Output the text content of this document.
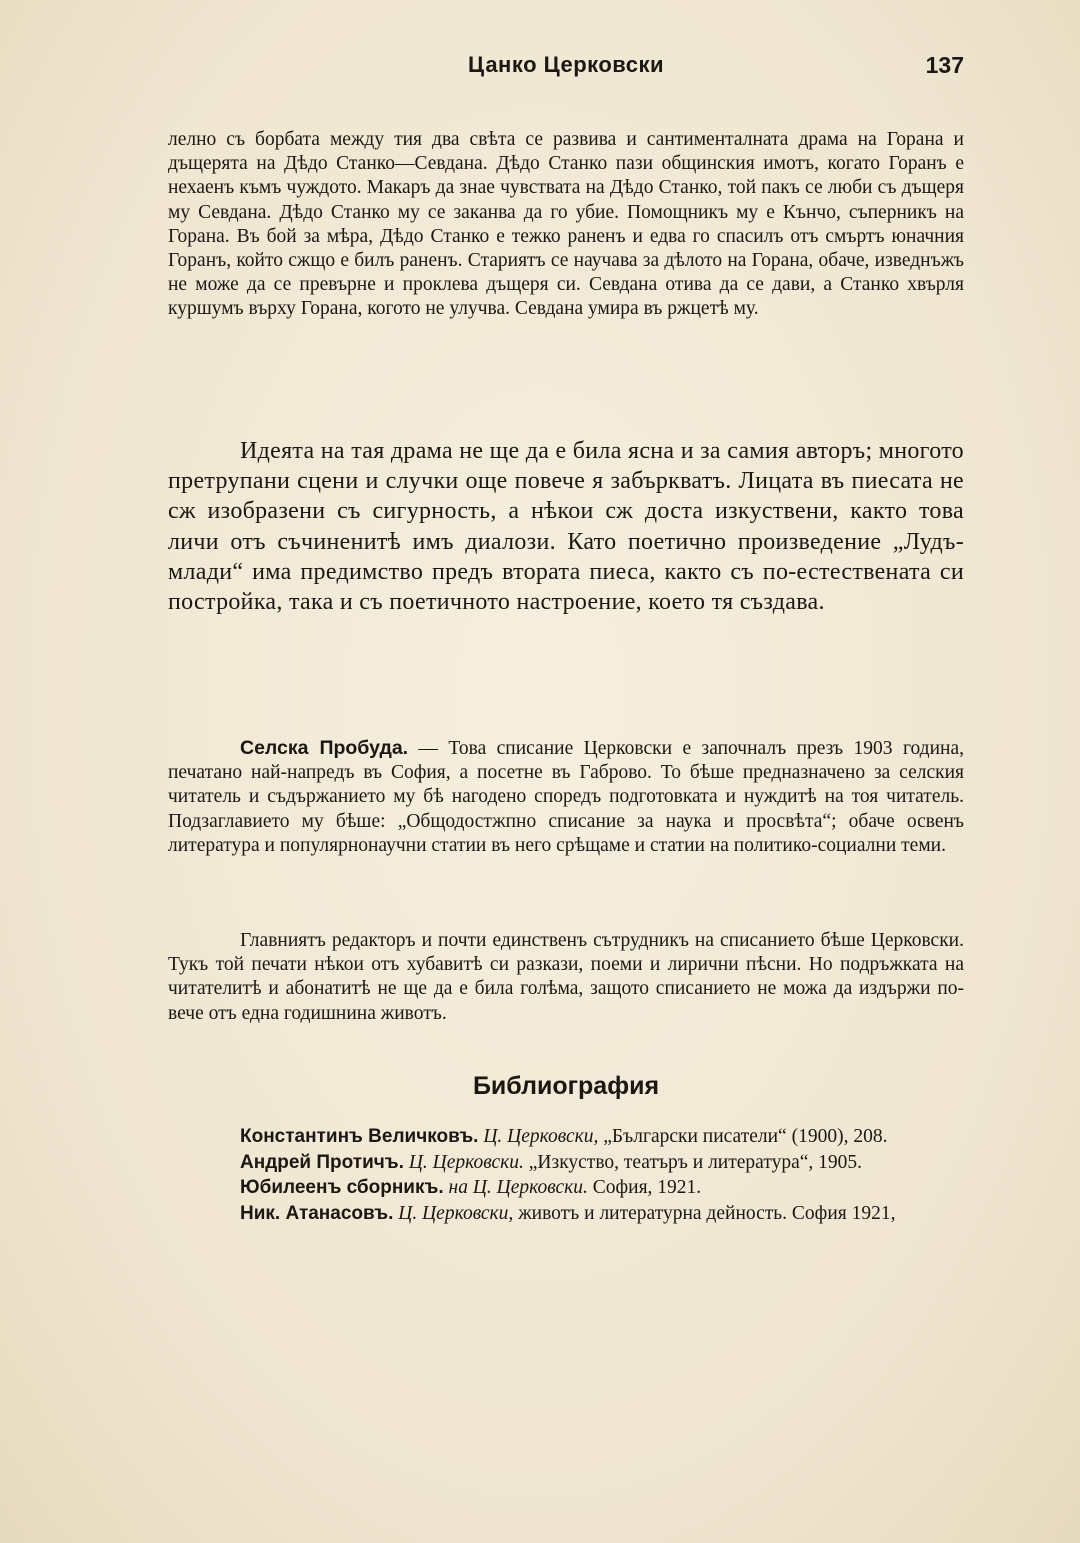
Цанко Церковски	137

лелно съ борбата между тия два свѣта се развива и сантименталната драма на Горана и дъщерята на Дѣдо Станко—Севдана. Дѣдо Станко пази общинския имотъ, когато Горанъ е нехаенъ къмъ чуждото. Макаръ да знае чувствата на Дѣдо Станко, той пакъ се люби съ дъщеря му Севдана. Дѣдо Станко му се заканва да го убие. Помощникъ му е Кънчо, съперникъ на Горана. Въ бой за мѣра, Дѣдо Станко е тежко раненъ и едва го спасилъ отъ смъртъ юначния Горанъ, който сжщо е билъ раненъ. Стариятъ се научава за дѣлото на Горана, обаче, изведнъжъ не може да се превърне и проклева дъщеря си. Севдана отива да се дави, а Станко хвърля куршумъ върху Горана, когото не улучва. Севдана умира въ ржцетѣ му.

Идеята на тая драма не ще да е била ясна и за самия авторъ; многото претрупани сцени и случки още повече я забъркватъ. Лицата въ пиесата не сж изобразени съ сигурность, а нѣкои сж доста изкуствени, както това личи отъ съчиненитѣ имъ диалози. Като поетично произведение „Лудъ-млади“ има предимство предъ втората пиеса, както съ по-естествената си постройка, така и съ поетичното настроение, което тя създава.

Селска Пробуда. — Това списание Церковски е започналъ презъ 1903 година, печатано най-напредъ въ София, а посетне въ Габрово. То бѣше предназначено за селския читатель и съдържанието му бѣ нагодено споредъ подготовката и нуждитѣ на тоя читатель. Подзаглавието му бѣше: „Общодостжпно списание за наука и просвѣта“; обаче освенъ литература и популярнонаучни статии въ него срѣщаме и статии на политико-социални теми.

Главниятъ редакторъ и почти единственъ сътрудникъ на списанието бѣше Церковски. Тукъ той печати нѣкои отъ хубавитѣ си разкази, поеми и лирични пѣсни. Но подръжката на читателитѣ и абонатитѣ не ще да е била голѣма, защото списанието не можа да издържи по-вече отъ една годишнина животъ.

Библиография

Константинъ Величковъ. Ц. Церковски, „Български писатели“ (1900), 208.

Андрей Протичъ. Ц. Церковски. „Изкуство, театъръ и литература“, 1905.

Юбилеенъ сборникъ. на Ц. Церковски. София, 1921.

Ник. Атанасовъ. Ц. Церковски, животъ и литературна дейность. София 1921,
